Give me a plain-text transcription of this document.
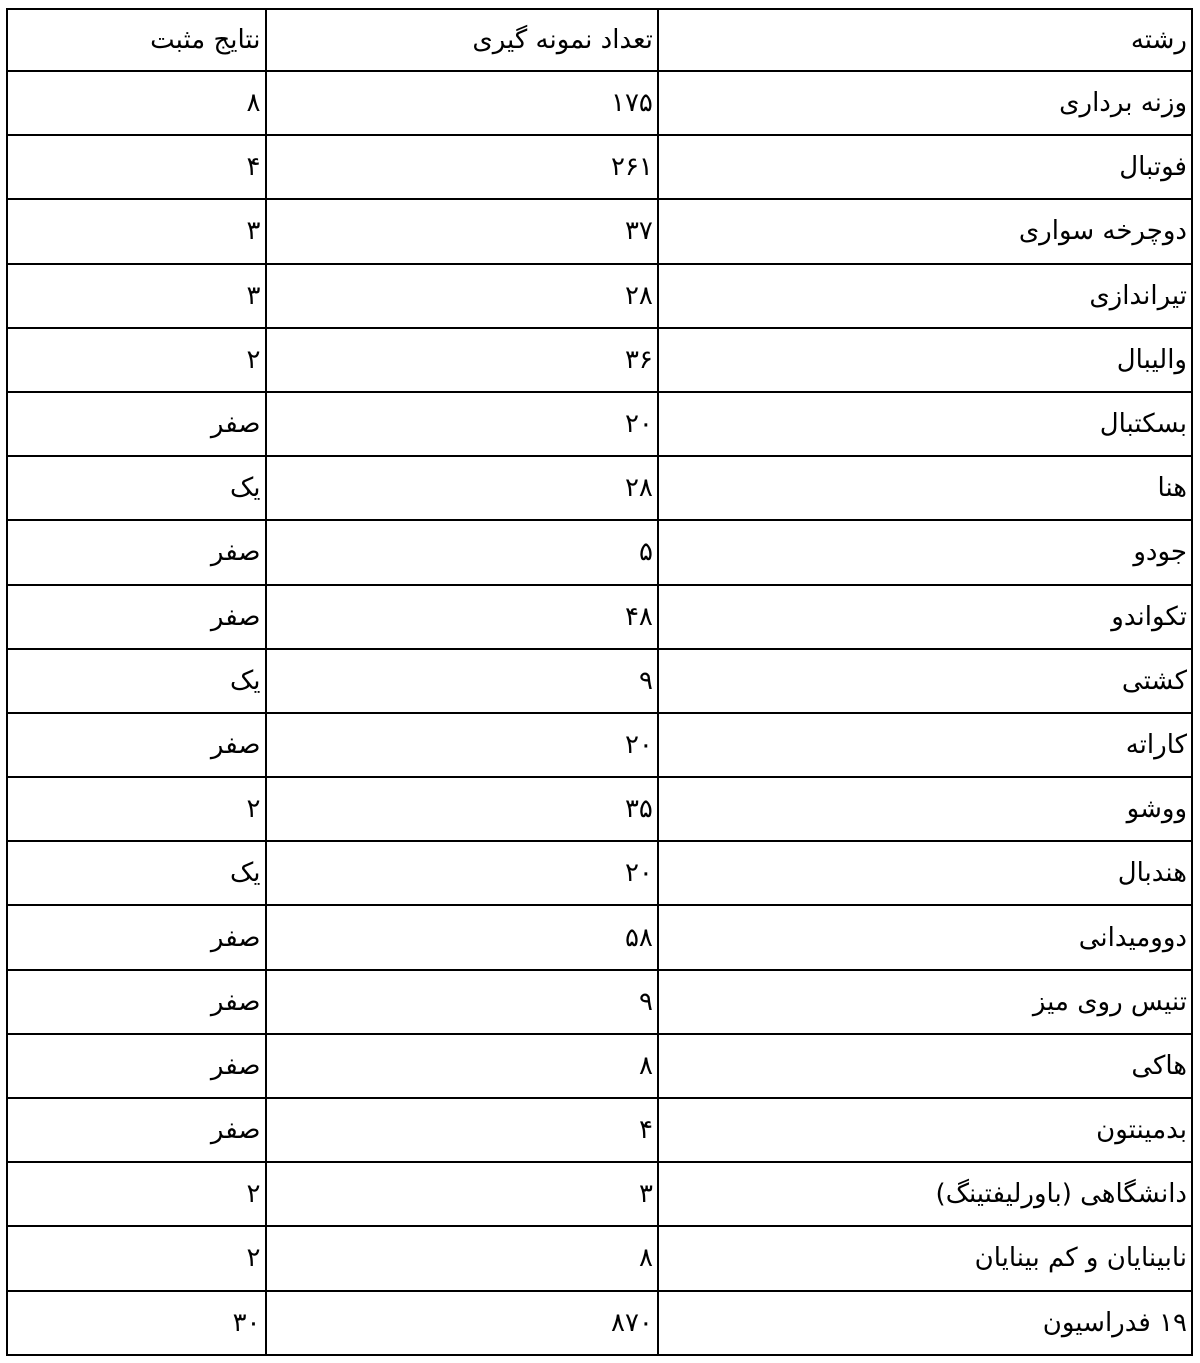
رشته	تعداد نمونه گیری	نتایج مثبت
وزنه برداری	۱۷۵	۸
فوتبال	۲۶۱	۴
دوچرخه سواری	۳۷	۳
تیراندازی	۲۸	۳
والیبال	۳۶	۲
بسکتبال	۲۰	صفر
هنا	۲۸	یک
جودو	۵	صفر
تکواندو	۴۸	صفر
کشتی	۹	یک
کاراته	۲۰	صفر
ووشو	۳۵	۲
هندبال	۲۰	یک
دوومیدانی	۵۸	صفر
تنیس روی میز	۹	صفر
هاکی	۸	صفر
بدمینتون	۴	صفر
دانشگاهی (باورلیفتینگ)	۳	۲
نابینایان و کم بینایان	۸	۲
۱۹ فدراسیون	۸۷۰	۳۰
